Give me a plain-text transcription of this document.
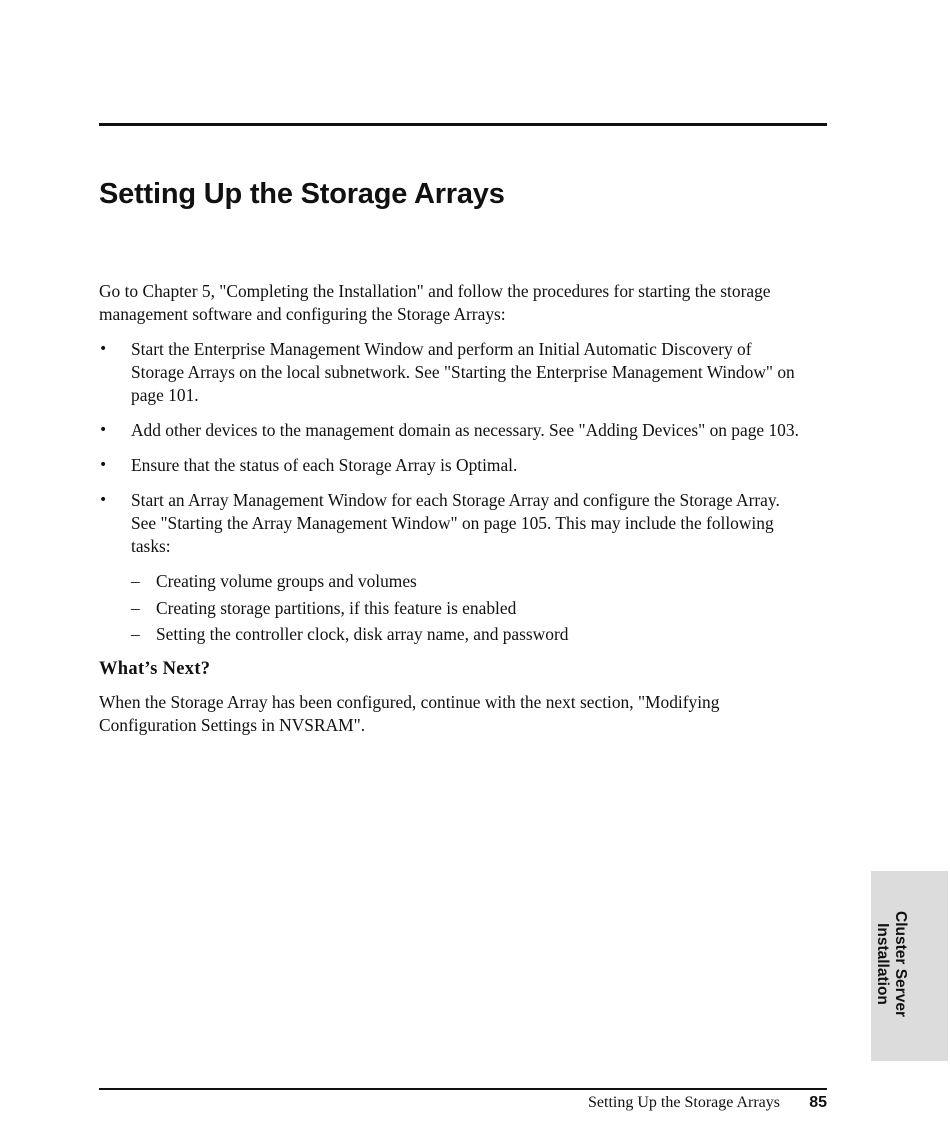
Setting Up the Storage Arrays

Go to Chapter 5, "Completing the Installation" and follow the procedures for starting the storage management software and configuring the Storage Arrays:

• Start the Enterprise Management Window and perform an Initial Automatic Discovery of Storage Arrays on the local subnetwork. See "Starting the Enterprise Management Window" on page 101.
• Add other devices to the management domain as necessary. See "Adding Devices" on page 103.
• Ensure that the status of each Storage Array is Optimal.
• Start an Array Management Window for each Storage Array and configure the Storage Array. See "Starting the Array Management Window" on page 105. This may include the following tasks:
– Creating volume groups and volumes
– Creating storage partitions, if this feature is enabled
– Setting the controller clock, disk array name, and password
What’s Next?

When the Storage Array has been configured, continue with the next section, "Modifying Configuration Settings in NVSRAM".

Cluster Server
Installation
Setting Up the Storage Arrays 85
